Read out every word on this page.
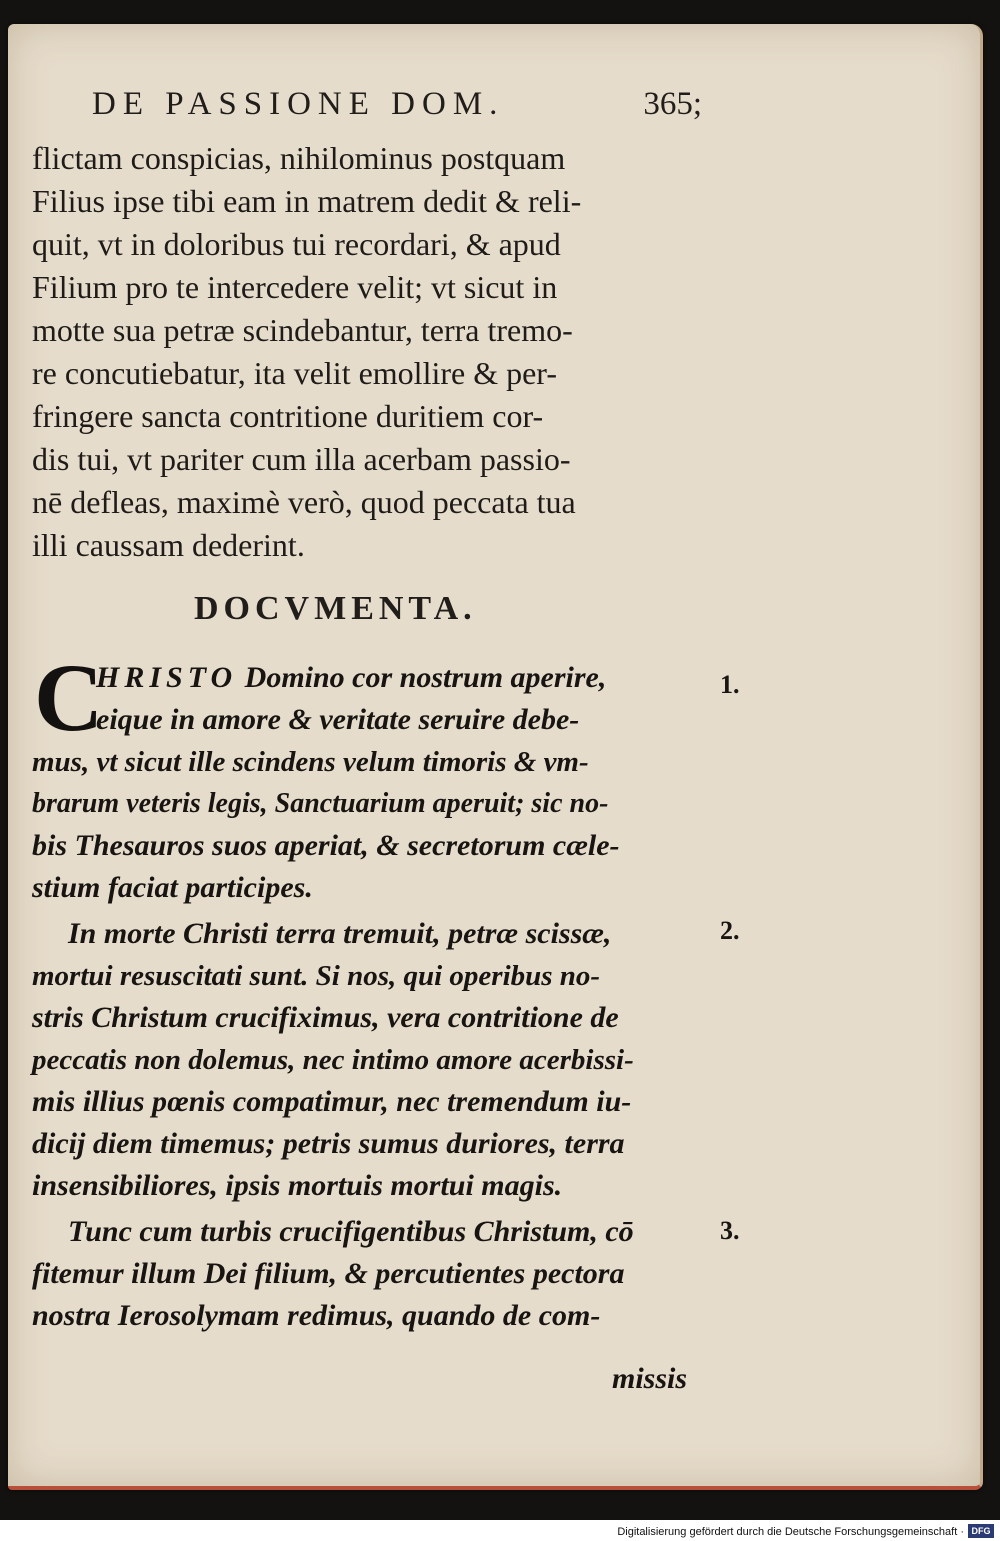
DE PASSIONE DOM.	365;
flictam conspicias, nihilominus postquam
Filius ipse tibi eam in matrem dedit & reli-
quit, vt in doloribus tui recordari, & apud
Filium pro te intercedere velit; vt sicut in
motte sua petræ scindebantur, terra tremo-
re concutiebatur, ita velit emollire & per-
fringere sancta contritione duritiem cor-
dis tui, vt pariter cum illa acerbam passio-
nē defleas, maximè verò, quod peccata tua
illi caussam dederint.
DOCVMENTA.
C
HRISTO Domino cor nostrum aperire,
eique in amore & veritate seruire debe-
mus, vt sicut ille scindens velum timoris & vm-
brarum veteris legis, Sanctuarium aperuit; sic no-
bis Thesauros suos aperiat, & secretorum cæle-
stium faciat participes.
In morte Christi terra tremuit, petræ scissæ,
mortui resuscitati sunt. Si nos, qui operibus no-
stris Christum crucifiximus, vera contritione de
peccatis non dolemus, nec intimo amore acerbissi-
mis illius pœnis compatimur, nec tremendum iu-
dicij diem timemus; petris sumus duriores, terra
insensibiliores, ipsis mortuis mortui magis.
Tunc cum turbis crucifigentibus Christum, cō
fitemur illum Dei filium, & percutientes pectora
nostra Ierosolymam redimus, quando de com-
missis
1.
2.
3.
Digitalisierung gefördert durch die Deutsche Forschungsgemeinschaft · DFG
